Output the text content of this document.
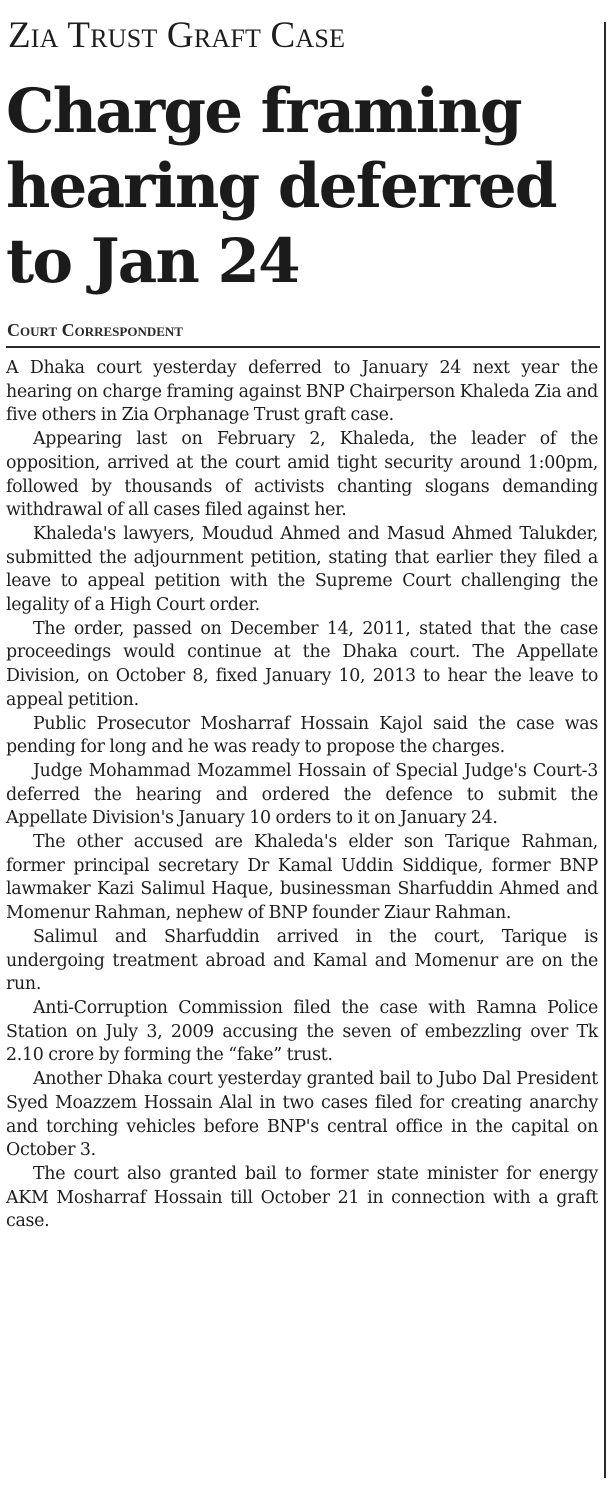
Zia Trust Graft Case
Charge framing hearing deferred to Jan 24
Court Correspondent

A Dhaka court yesterday deferred to January 24 next year the hearing on charge framing against BNP Chairperson Khaleda Zia and five others in Zia Orphanage Trust graft case.

Appearing last on February 2, Khaleda, the leader of the opposition, arrived at the court amid tight security around 1:00pm, followed by thousands of activists chanting slogans demanding withdrawal of all cases filed against her.

Khaleda's lawyers, Moudud Ahmed and Masud Ahmed Talukder, submitted the adjournment petition, stating that earlier they filed a leave to appeal petition with the Supreme Court challenging the legality of a High Court order.

The order, passed on December 14, 2011, stated that the case proceedings would continue at the Dhaka court. The Appellate Division, on October 8, fixed January 10, 2013 to hear the leave to appeal petition.

Public Prosecutor Mosharraf Hossain Kajol said the case was pending for long and he was ready to propose the charges.

Judge Mohammad Mozammel Hossain of Special Judge's Court-3 deferred the hearing and ordered the defence to submit the Appellate Division's January 10 orders to it on January 24.

The other accused are Khaleda's elder son Tarique Rahman, former principal secretary Dr Kamal Uddin Siddique, former BNP lawmaker Kazi Salimul Haque, businessman Sharfuddin Ahmed and Momenur Rahman, nephew of BNP founder Ziaur Rahman.

Salimul and Sharfuddin arrived in the court, Tarique is undergoing treatment abroad and Kamal and Momenur are on the run.

Anti-Corruption Commission filed the case with Ramna Police Station on July 3, 2009 accusing the seven of embezzling over Tk 2.10 crore by forming the “fake” trust.

Another Dhaka court yesterday granted bail to Jubo Dal President Syed Moazzem Hossain Alal in two cases filed for creating anarchy and torching vehicles before BNP's central office in the capital on October 3.

The court also granted bail to former state minister for energy AKM Mosharraf Hossain till October 21 in connection with a graft case.
